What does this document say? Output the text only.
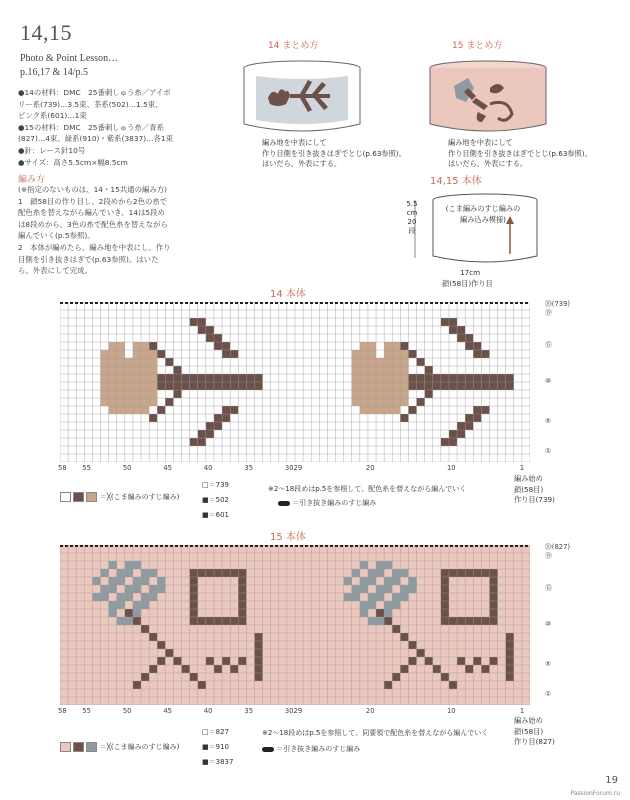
14,15
Photo & Point Lesson…
p.16,17 & 14/p.5
●14の材料：DMC　25番刺しゅう糸／アイボ
リー系(739)…3.5束、茶系(502)…1.5束、
ピンク系(601)…1束
●15の材料：DMC　25番刺しゅう糸／青系
(827)…4束、緑系(910)・紫系(3837)…各1束
●針：レース針10号
●サイズ：高さ5.5cm×幅8.5cm
編み方
(※指定のないものは、14・15共通の編み方)
1　鎖58目の作り目し、2段めから2色の糸で
配色糸を替えながら編んでいき、14は5段め
は8段めから、3色の糸で配色糸を替えながら
編んでいく(p.5参照)。
2　本体が編めたら、編み地を中表にし、作り
目側を引き抜きはぎで(p.63参照)。はいた
ら、外表にして完成。
14 まとめ方
編み地を中表にして
作り目側を引き抜きはぎでとじ(p.63参照)。
はいだら、外表にする。
15 まとめ方
編み地を中表にして
作り目側を引き抜きはぎでとじ(p.63参照)。
はいだら、外表にする。
14,15 本体
5.5
cm
20
段
(こま編みのすじ編みの
編み込み模様)
17cm
鎖(58目)作り目
14 本体
58 55	50	45	40	35	3029	20	10	1
⑳(739)
⑲
⑮
⑩
⑤
①
編み始め
鎖(58目)
作り目(739)
＝╳(こま編みのすじ編み)
□＝739
■＝502
■＝601
※2〜18段めはp.5を参照して、配色糸を替えながら編んでいく
＝引き抜き編みのすじ編み
15 本体
58 55	50	45	40	35	3029	20	10	1
⑳(827)
⑲
⑮
⑩
⑤
①
編み始め
鎖(58目)
作り目(827)
＝╳(こま編みのすじ編み)
□＝827
■＝910
■＝3837
※2〜18段めはp.5を参照して、同要領で配色糸を替えながら編んでいく
＝引き抜き編みのすじ編み
19
PassionForum.ru
